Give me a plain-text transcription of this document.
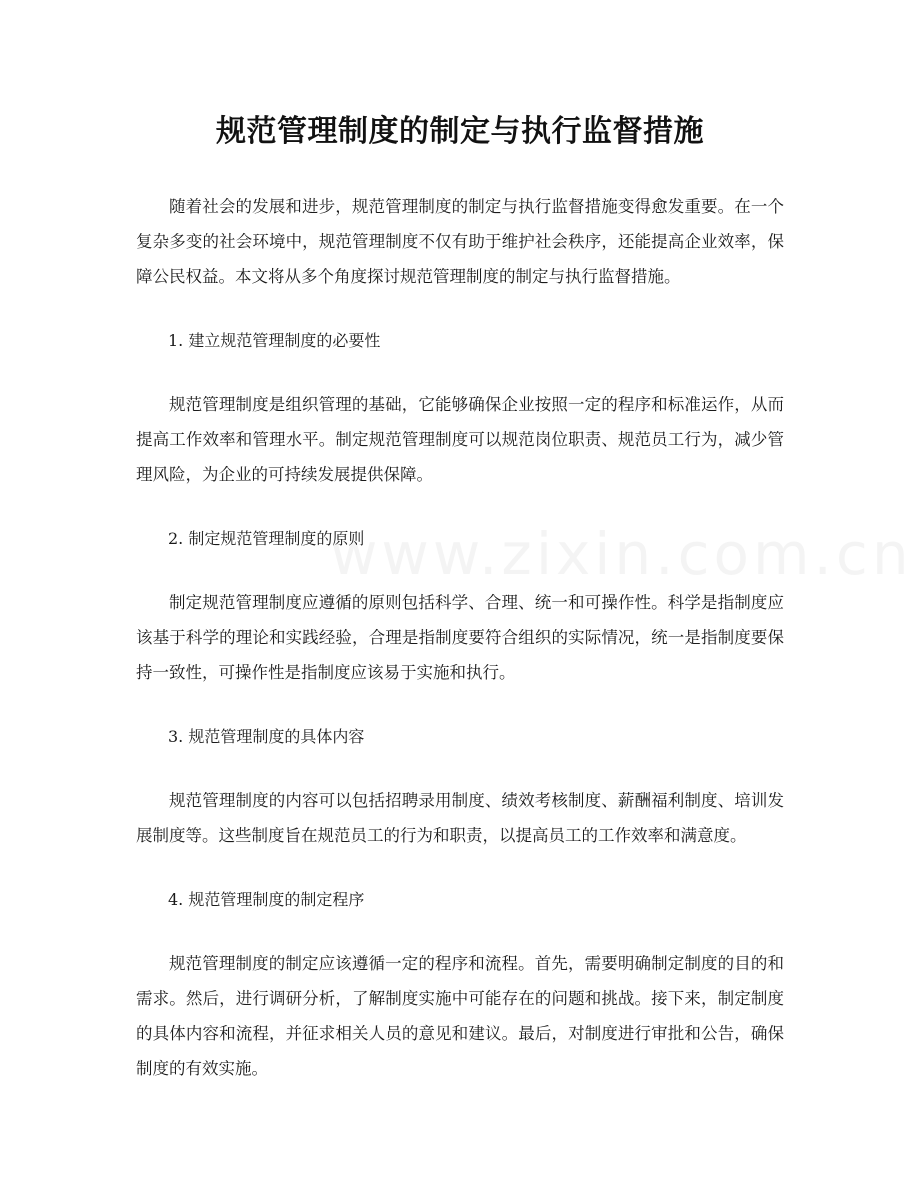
www.zixin.com.cn
规范管理制度的制定与执行监督措施

随着社会的发展和进步，规范管理制度的制定与执行监督措施变得愈发重要。在一个复杂多变的社会环境中，规范管理制度不仅有助于维护社会秩序，还能提高企业效率，保障公民权益。本文将从多个角度探讨规范管理制度的制定与执行监督措施。

1. 建立规范管理制度的必要性

规范管理制度是组织管理的基础，它能够确保企业按照一定的程序和标准运作，从而提高工作效率和管理水平。制定规范管理制度可以规范岗位职责、规范员工行为，减少管理风险，为企业的可持续发展提供保障。

2. 制定规范管理制度的原则

制定规范管理制度应遵循的原则包括科学、合理、统一和可操作性。科学是指制度应该基于科学的理论和实践经验，合理是指制度要符合组织的实际情况，统一是指制度要保持一致性，可操作性是指制度应该易于实施和执行。

3. 规范管理制度的具体内容

规范管理制度的内容可以包括招聘录用制度、绩效考核制度、薪酬福利制度、培训发展制度等。这些制度旨在规范员工的行为和职责，以提高员工的工作效率和满意度。

4. 规范管理制度的制定程序

规范管理制度的制定应该遵循一定的程序和流程。首先，需要明确制定制度的目的和需求。然后，进行调研分析，了解制度实施中可能存在的问题和挑战。接下来，制定制度的具体内容和流程，并征求相关人员的意见和建议。最后，对制度进行审批和公告，确保制度的有效实施。
